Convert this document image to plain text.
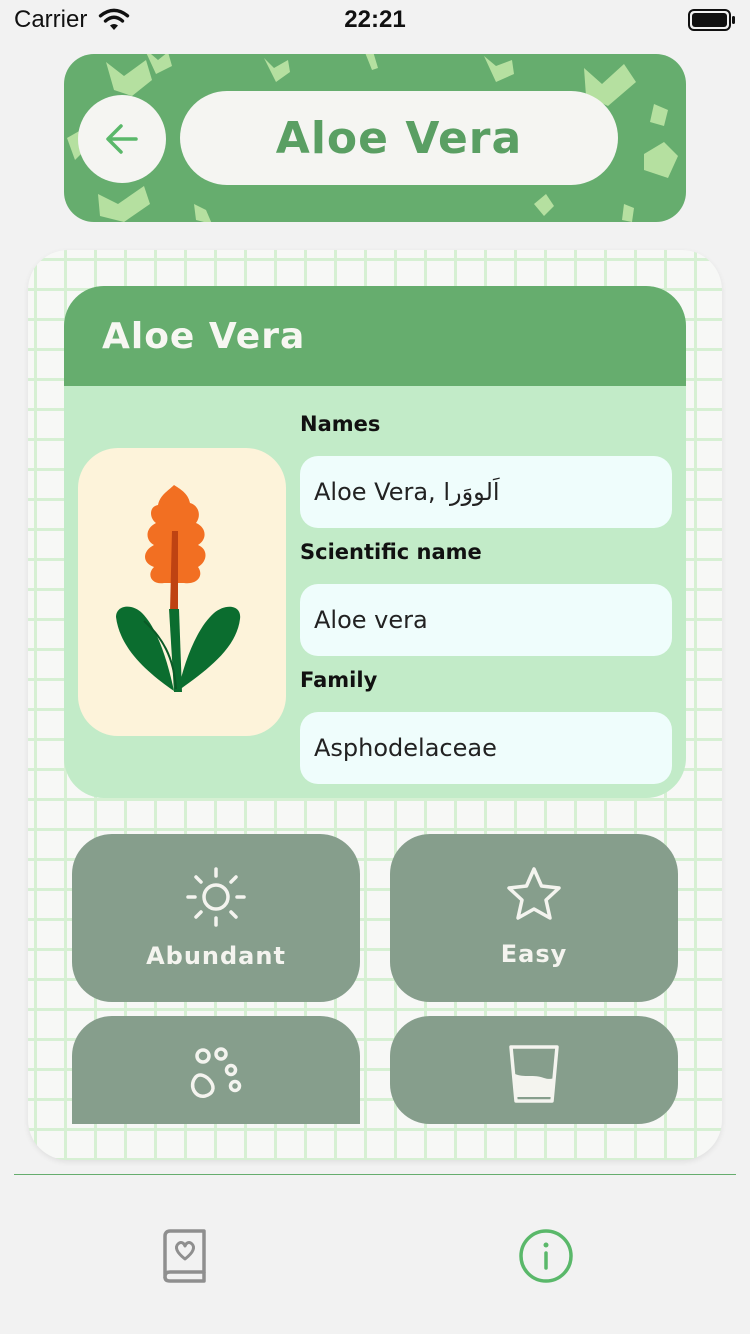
Carrier	22:21
Aloe Vera
Aloe Vera
Names
Aloe Vera, اَلووَرا
Scientific name
Aloe vera
Family
Asphodelaceae
Abundant	Easy
